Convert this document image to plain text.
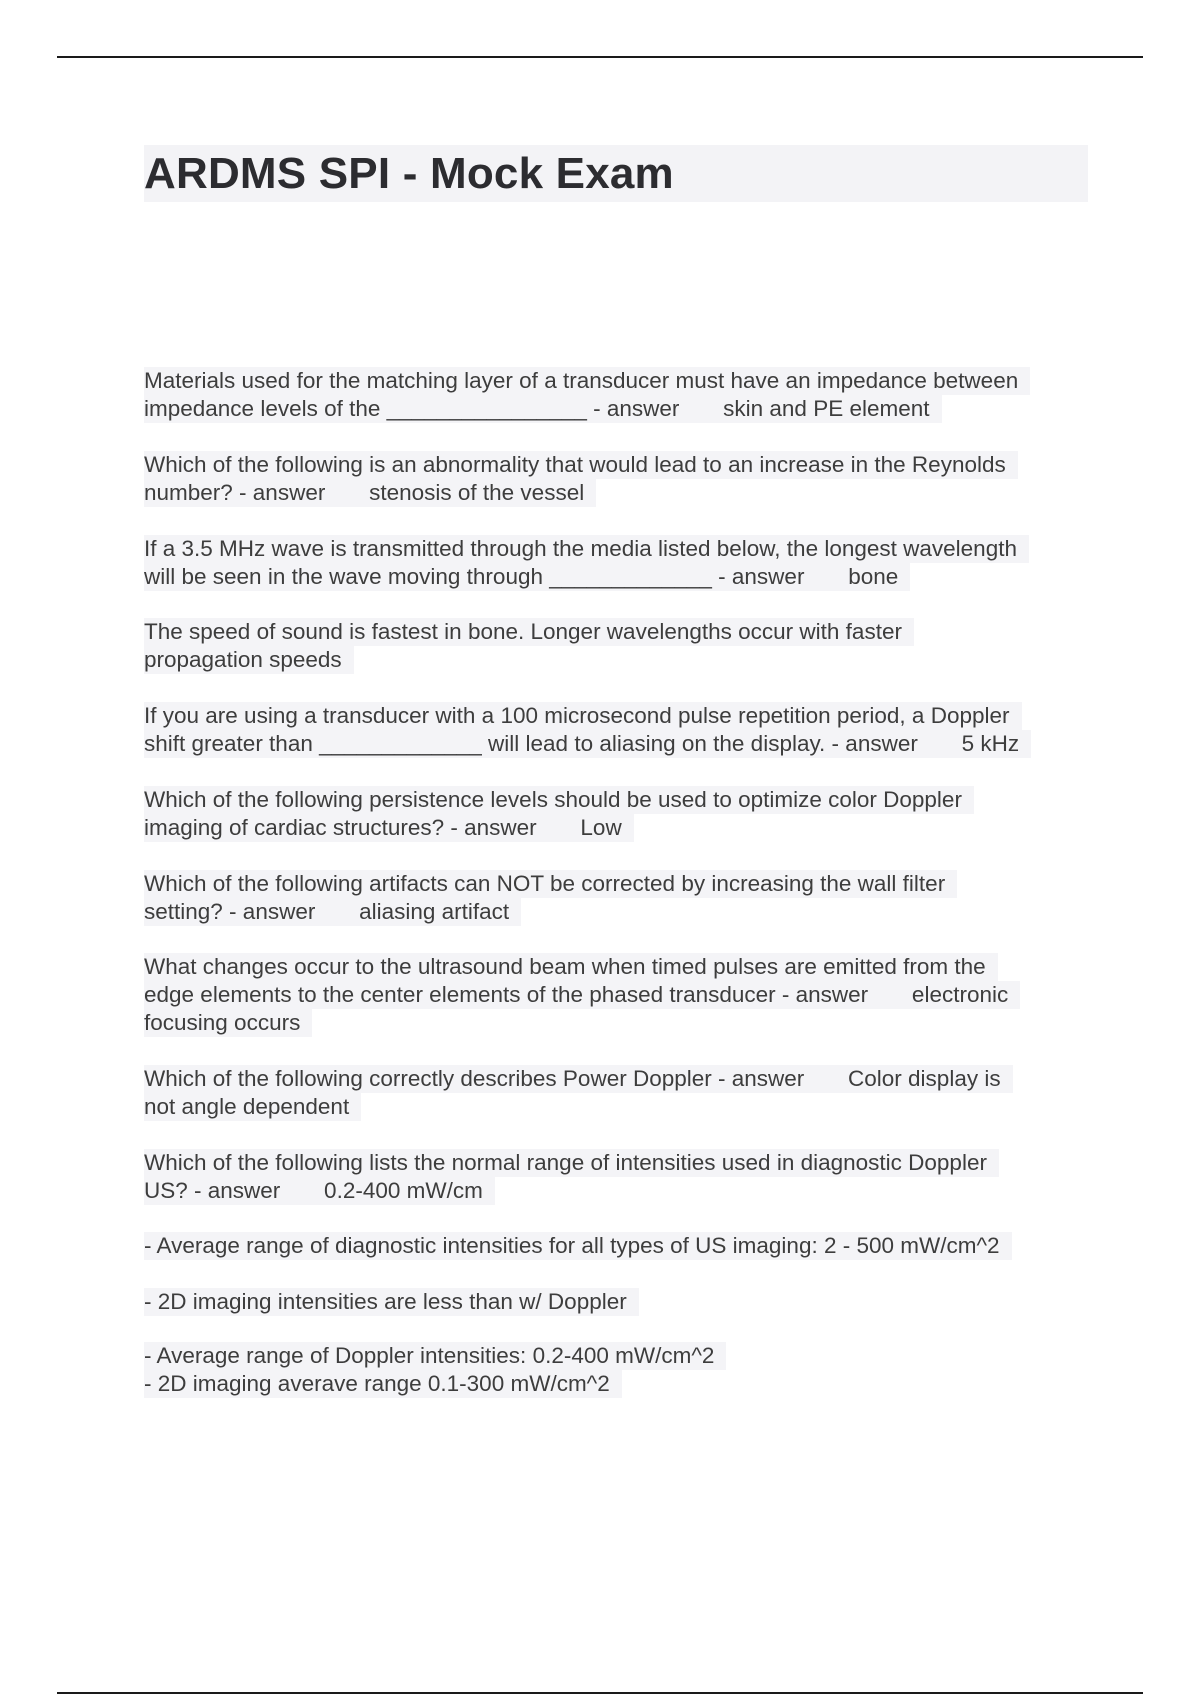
ARDMS SPI - Mock Exam
Materials used for the matching layer of a transducer must have an impedance between
impedance levels of the ________________ - answer       skin and PE element
Which of the following is an abnormality that would lead to an increase in the Reynolds
number? - answer       stenosis of the vessel
If a 3.5 MHz wave is transmitted through the media listed below, the longest wavelength
will be seen in the wave moving through _____________ - answer       bone
The speed of sound is fastest in bone. Longer wavelengths occur with faster
propagation speeds
If you are using a transducer with a 100 microsecond pulse repetition period, a Doppler
shift greater than _____________ will lead to aliasing on the display. - answer       5 kHz
Which of the following persistence levels should be used to optimize color Doppler
imaging of cardiac structures? - answer       Low
Which of the following artifacts can NOT be corrected by increasing the wall filter
setting? - answer       aliasing artifact
What changes occur to the ultrasound beam when timed pulses are emitted from the
edge elements to the center elements of the phased transducer - answer       electronic
focusing occurs
Which of the following correctly describes Power Doppler - answer       Color display is
not angle dependent
Which of the following lists the normal range of intensities used in diagnostic Doppler
US? - answer       0.2-400 mW/cm
- Average range of diagnostic intensities for all types of US imaging: 2 - 500 mW/cm^2
- 2D imaging intensities are less than w/ Doppler
- Average range of Doppler intensities: 0.2-400 mW/cm^2
- 2D imaging averave range 0.1-300 mW/cm^2
